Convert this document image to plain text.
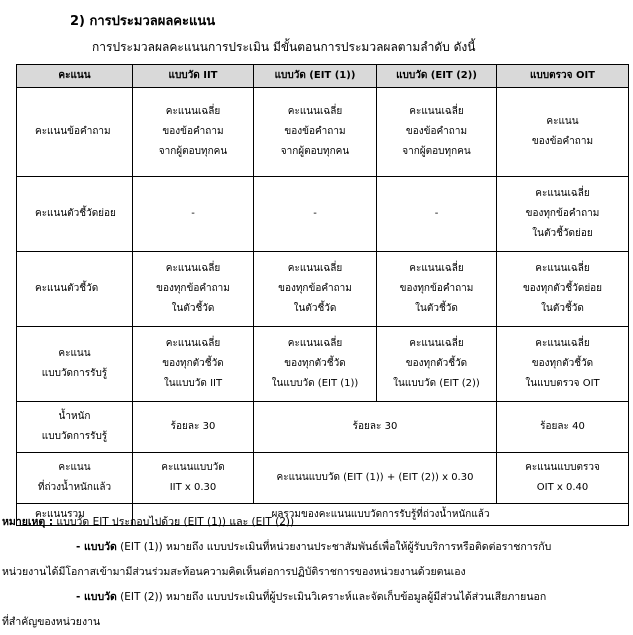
2) การประมวลผลคะแนน
การประมวลผลคะแนนการประเมิน มีขั้นตอนการประมวลผลตามลำดับ ดังนี้
คะแนน	แบบวัด IIT	แบบวัด (EIT (1))	แบบวัด (EIT (2))	แบบตรวจ OIT

คะแนนข้อคำถาม	คะแนนเฉลี่ย
ของข้อคำถาม
จากผู้ตอบทุกคน	คะแนนเฉลี่ย
ของข้อคำถาม
จากผู้ตอบทุกคน	คะแนนเฉลี่ย
ของข้อคำถาม
จากผู้ตอบทุกคน	คะแนน
ของข้อคำถาม

คะแนนตัวชี้วัดย่อย	-	-	-	คะแนนเฉลี่ย
ของทุกข้อคำถาม
ในตัวชี้วัดย่อย

คะแนนตัวชี้วัด	คะแนนเฉลี่ย
ของทุกข้อคำถาม
ในตัวชี้วัด	คะแนนเฉลี่ย
ของทุกข้อคำถาม
ในตัวชี้วัด	คะแนนเฉลี่ย
ของทุกข้อคำถาม
ในตัวชี้วัด	คะแนนเฉลี่ย
ของทุกตัวชี้วัดย่อย
ในตัวชี้วัด

คะแนน
แบบวัดการรับรู้	คะแนนเฉลี่ย
ของทุกตัวชี้วัด
ในแบบวัด IIT	คะแนนเฉลี่ย
ของทุกตัวชี้วัด
ในแบบวัด (EIT (1))	คะแนนเฉลี่ย
ของทุกตัวชี้วัด
ในแบบวัด (EIT (2))	คะแนนเฉลี่ย
ของทุกตัวชี้วัด
ในแบบตรวจ OIT

น้ำหนัก
แบบวัดการรับรู้	ร้อยละ 30	ร้อยละ 30		ร้อยละ 40

คะแนน
ที่ถ่วงน้ำหนักแล้ว	คะแนนแบบวัด
IIT x 0.30	คะแนนแบบวัด (EIT (1)) + (EIT (2)) x 0.30		คะแนนแบบตรวจ
OIT x 0.40

คะแนนรวม	ผลรวมของคะแนนแบบวัดการรับรู้ที่ถ่วงน้ำหนักแล้ว			
หมายเหตุ : แบบวัด EIT ประกอบไปด้วย (EIT (1)) และ (EIT (2))
- แบบวัด (EIT (1)) หมายถึง แบบประเมินที่หน่วยงานประชาสัมพันธ์เพื่อให้ผู้รับบริการหรือติดต่อราชการกับ
หน่วยงานได้มีโอกาสเข้ามามีส่วนร่วมสะท้อนความคิดเห็นต่อการปฏิบัติราชการของหน่วยงานด้วยตนเอง
- แบบวัด (EIT (2)) หมายถึง แบบประเมินที่ผู้ประเมินวิเคราะห์และจัดเก็บข้อมูลผู้มีส่วนได้ส่วนเสียภายนอก
ที่สำคัญของหน่วยงาน
